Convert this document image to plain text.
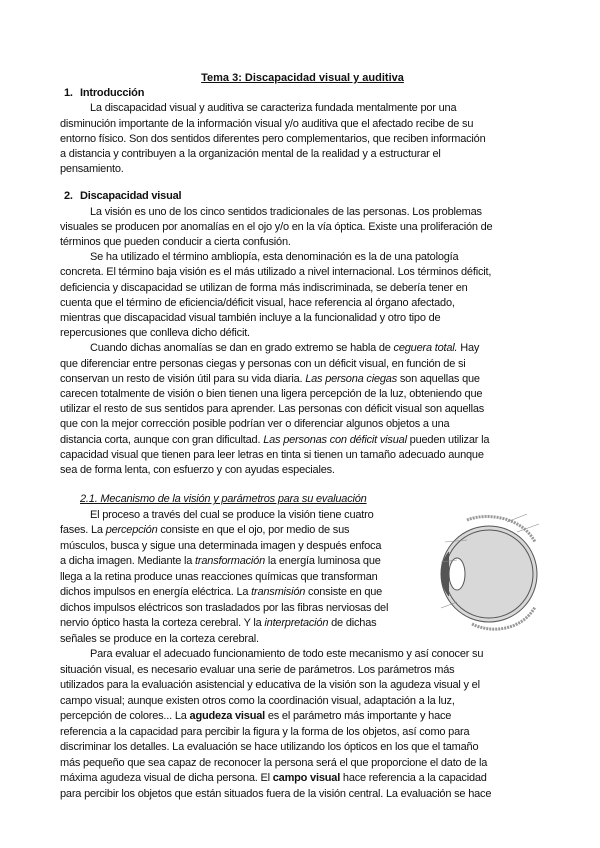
Tema 3: Discapacidad visual y auditiva
1. Introducción
La discapacidad visual y auditiva se caracteriza fundada mentalmente por una
disminución importante de la información visual y/o auditiva que el afectado recibe de su
entorno físico. Son dos sentidos diferentes pero complementarios, que reciben información
a distancia y contribuyen a la organización mental de la realidad y a estructurar el
pensamiento.
2. Discapacidad visual
La visión es uno de los cinco sentidos tradicionales de las personas. Los problemas
visuales se producen por anomalías en el ojo y/o en la vía óptica. Existe una proliferación de
términos que pueden conducir a cierta confusión.
Se ha utilizado el término ambliopía, esta denominación es la de una patología
concreta. El término baja visión es el más utilizado a nivel internacional. Los términos déficit,
deficiencia y discapacidad se utilizan de forma más indiscriminada, se debería tener en
cuenta que el término de eficiencia/déficit visual, hace referencia al órgano afectado,
mientras que discapacidad visual también incluye a la funcionalidad y otro tipo de
repercusiones que conlleva dicho déficit.
Cuando dichas anomalías se dan en grado extremo se habla de ceguera total. Hay
que diferenciar entre personas ciegas y personas con un déficit visual, en función de si
conservan un resto de visión útil para su vida diaria. Las persona ciegas son aquellas que
carecen totalmente de visión o bien tienen una ligera percepción de la luz, obteniendo que
utilizar el resto de sus sentidos para aprender. Las personas con déficit visual son aquellas
que con la mejor corrección posible podrían ver o diferenciar algunos objetos a una
distancia corta, aunque con gran dificultad. Las personas con déficit visual pueden utilizar la
capacidad visual que tienen para leer letras en tinta si tienen un tamaño adecuado aunque
sea de forma lenta, con esfuerzo y con ayudas especiales.
2.1. Mecanismo de la visión y parámetros para su evaluación
El proceso a través del cual se produce la visión tiene cuatro
fases. La percepción consiste en que el ojo, por medio de sus
músculos, busca y sigue una determinada imagen y después enfoca
a dicha imagen. Mediante la transformación la energía luminosa que
llega a la retina produce unas reacciones químicas que transforman
dichos impulsos en energía eléctrica. La transmisión consiste en que
dichos impulsos eléctricos son trasladados por las fibras nerviosas del
nervio óptico hasta la corteza cerebral. Y la interpretación de dichas
señales se produce en la corteza cerebral.
Para evaluar el adecuado funcionamiento de todo este mecanismo y así conocer su
situación visual, es necesario evaluar una serie de parámetros. Los parámetros más
utilizados para la evaluación asistencial y educativa de la visión son la agudeza visual y el
campo visual; aunque existen otros como la coordinación visual, adaptación a la luz,
percepción de colores... La agudeza visual es el parámetro más importante y hace
referencia a la capacidad para percibir la figura y la forma de los objetos, así como para
discriminar los detalles. La evaluación se hace utilizando los ópticos en los que el tamaño
más pequeño que sea capaz de reconocer la persona será el que proporcione el dato de la
máxima agudeza visual de dicha persona. El campo visual hace referencia a la capacidad
para percibir los objetos que están situados fuera de la visión central. La evaluación se hace
